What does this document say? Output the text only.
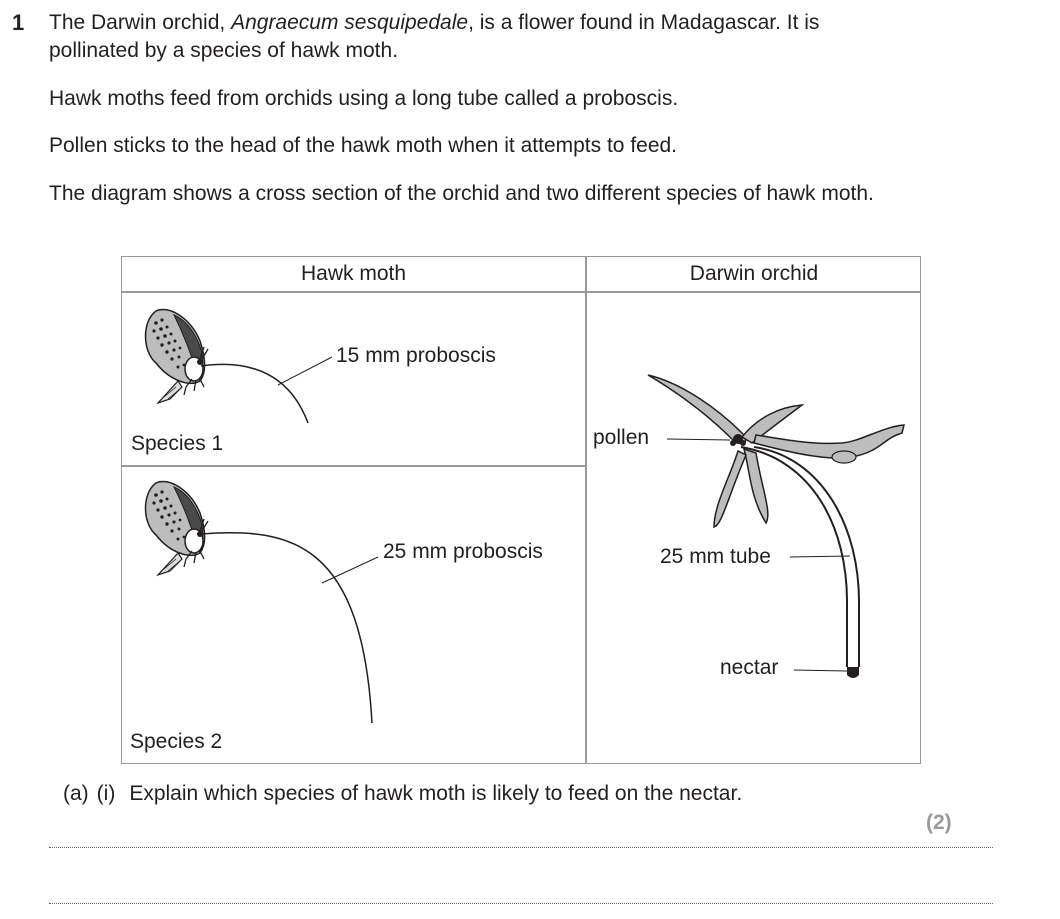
1 The Darwin orchid, Angraecum sesquipedale, is a flower found in Madagascar. It is pollinated by a species of hawk moth.

Hawk moths feed from orchids using a long tube called a proboscis.

Pollen sticks to the head of the hawk moth when it attempts to feed.

The diagram shows a cross section of the orchid and two different species of hawk moth.

Hawk moth	Darwin orchid
15 mm proboscis
25 mm proboscis
Species 1
Species 2
pollen
25 mm tube
nectar
(a) (i) Explain which species of hawk moth is likely to feed on the nectar.
(2)
